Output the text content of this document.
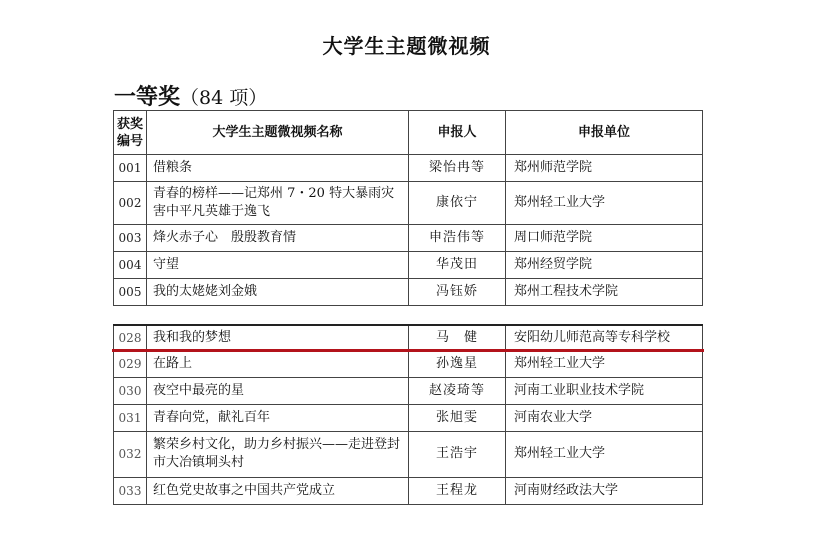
大学生主题微视频
一等奖（84 项）
获奖编号	大学生主题微视频名称	申报人	申报单位
001	借粮条	梁怡冉等	郑州师范学院
002	青春的榜样——记郑州 7・20 特大暴雨灾害中平凡英雄于逸飞	康依宁	郑州轻工业大学
003	烽火赤子心　殷殷教育情	申浩伟等	周口师范学院
004	守望	华茂田	郑州经贸学院
005	我的太姥姥刘金娥	冯钰娇	郑州工程技术学院
028	我和我的梦想	马　健	安阳幼儿师范高等专科学校
029	在路上	孙逸星	郑州轻工业大学
030	夜空中最亮的星	赵凌琦等	河南工业职业技术学院
031	青春向党，献礼百年	张旭雯	河南农业大学
032	繁荣乡村文化，助力乡村振兴——走进登封市大冶镇垌头村	王浩宇	郑州轻工业大学
033	红色党史故事之中国共产党成立	王程龙	河南财经政法大学
